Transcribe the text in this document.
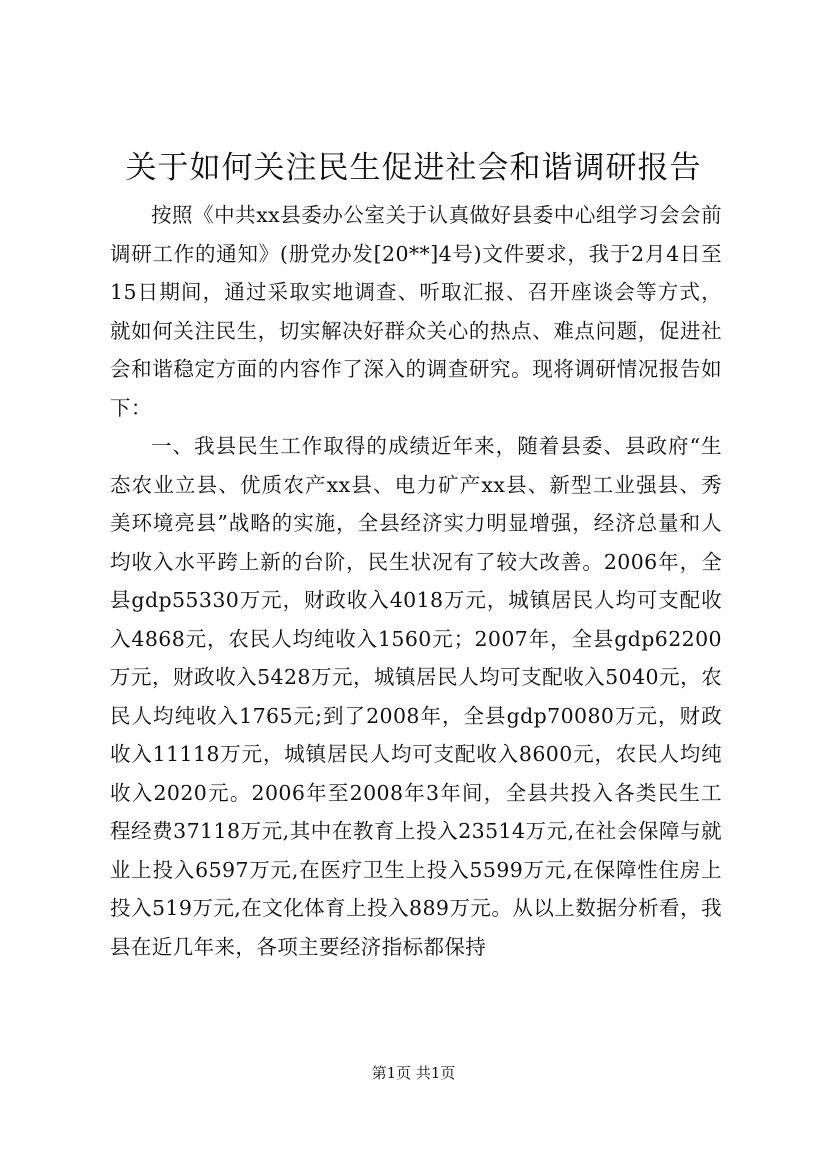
关于如何关注民生促进社会和谐调研报告

按照《中共xx县委办公室关于认真做好县委中心组学习会会前调研工作的通知》(册党办发[20**]4号)文件要求，我于2月4日至15日期间，通过采取实地调查、听取汇报、召开座谈会等方式，就如何关注民生，切实解决好群众关心的热点、难点问题，促进社会和谐稳定方面的内容作了深入的调查研究。现将调研情况报告如下：

一、我县民生工作取得的成绩近年来，随着县委、县政府“生态农业立县、优质农产xx县、电力矿产xx县、新型工业强县、秀美环境亮县”战略的实施，全县经济实力明显增强，经济总量和人均收入水平跨上新的台阶，民生状况有了较大改善。2006年，全县gdp55330万元，财政收入4018万元，城镇居民人均可支配收入4868元，农民人均纯收入1560元；2007年，全县gdp62200万元，财政收入5428万元，城镇居民人均可支配收入5040元，农民人均纯收入1765元;到了2008年，全县gdp70080万元，财政收入11118万元，城镇居民人均可支配收入8600元，农民人均纯收入2020元。2006年至2008年3年间，全县共投入各类民生工程经费37118万元,其中在教育上投入23514万元,在社会保障与就业上投入6597万元,在医疗卫生上投入5599万元,在保障性住房上投入519万元,在文化体育上投入889万元。从以上数据分析看，我县在近几年来，各项主要经济指标都保持

第1页 共1页
